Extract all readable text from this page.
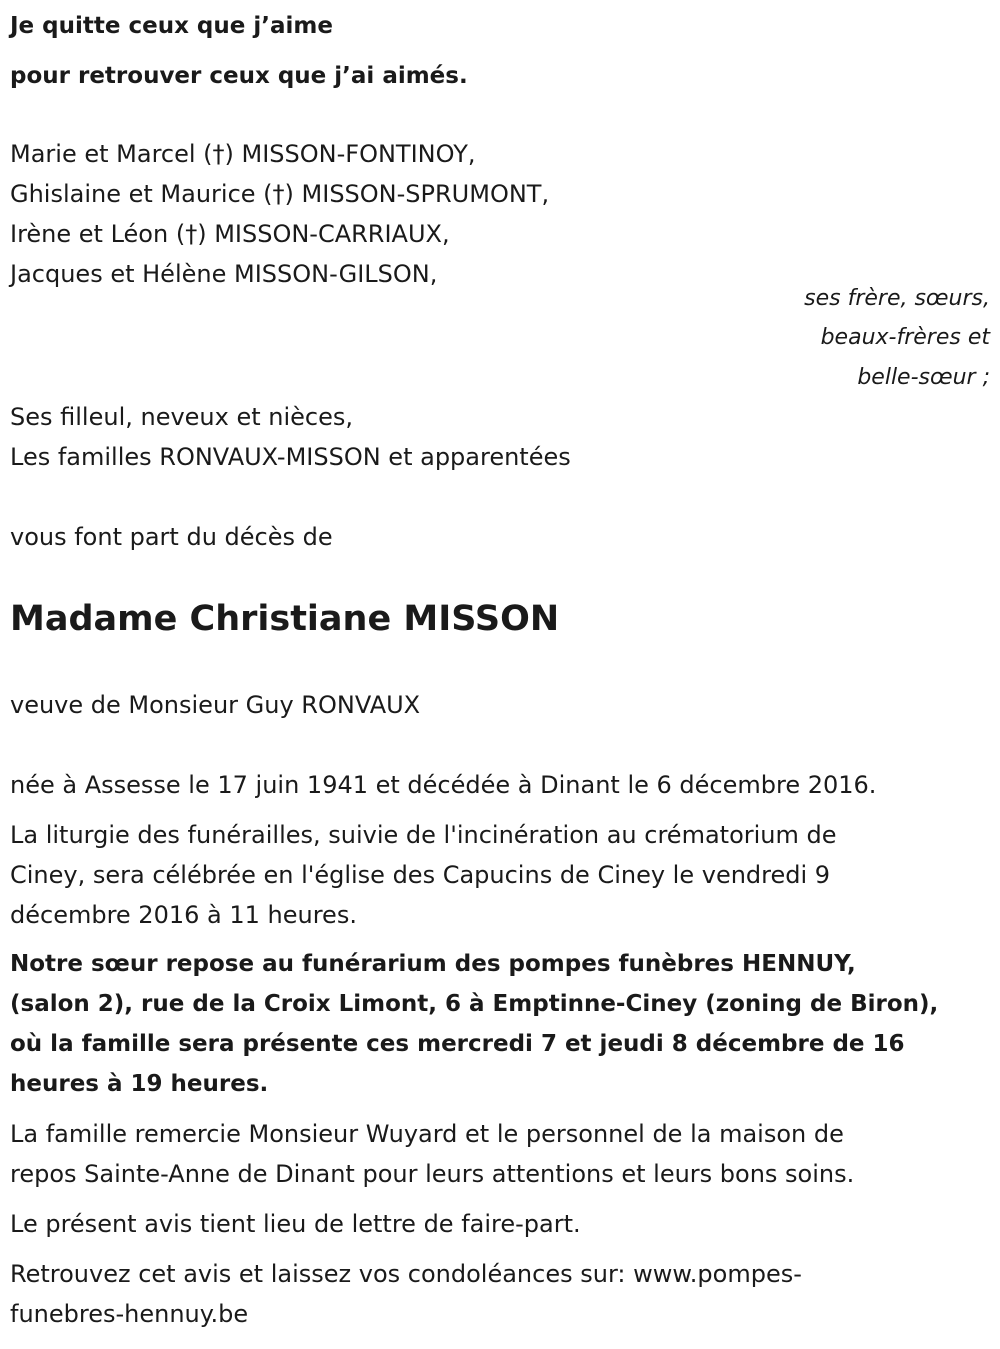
Je quitte ceux que j’aime
pour retrouver ceux que j’ai aimés.
Marie et Marcel (†) MISSON-FONTINOY,
Ghislaine et Maurice (†) MISSON-SPRUMONT,
Irène et Léon (†) MISSON-CARRIAUX,
Jacques et Hélène MISSON-GILSON,
ses frère, sœurs,
beaux-frères et
belle-sœur ;
Ses filleul, neveux et nièces,
Les familles RONVAUX-MISSON et apparentées
vous font part du décès de
Madame Christiane MISSON
veuve de Monsieur Guy RONVAUX
née à Assesse le 17 juin 1941 et décédée à Dinant le 6 décembre 2016.
La liturgie des funérailles, suivie de l'incinération au crématorium de
Ciney, sera célébrée en l'église des Capucins de Ciney le vendredi 9
décembre 2016 à 11 heures.
Notre sœur repose au funérarium des pompes funèbres HENNUY,
(salon 2), rue de la Croix Limont, 6 à Emptinne-Ciney (zoning de Biron),
où la famille sera présente ces mercredi 7 et jeudi 8 décembre de 16
heures à 19 heures.
La famille remercie Monsieur Wuyard et le personnel de la maison de
repos Sainte-Anne de Dinant pour leurs attentions et leurs bons soins.
Le présent avis tient lieu de lettre de faire-part.
Retrouvez cet avis et laissez vos condoléances sur: www.pompes-
funebres-hennuy.be
